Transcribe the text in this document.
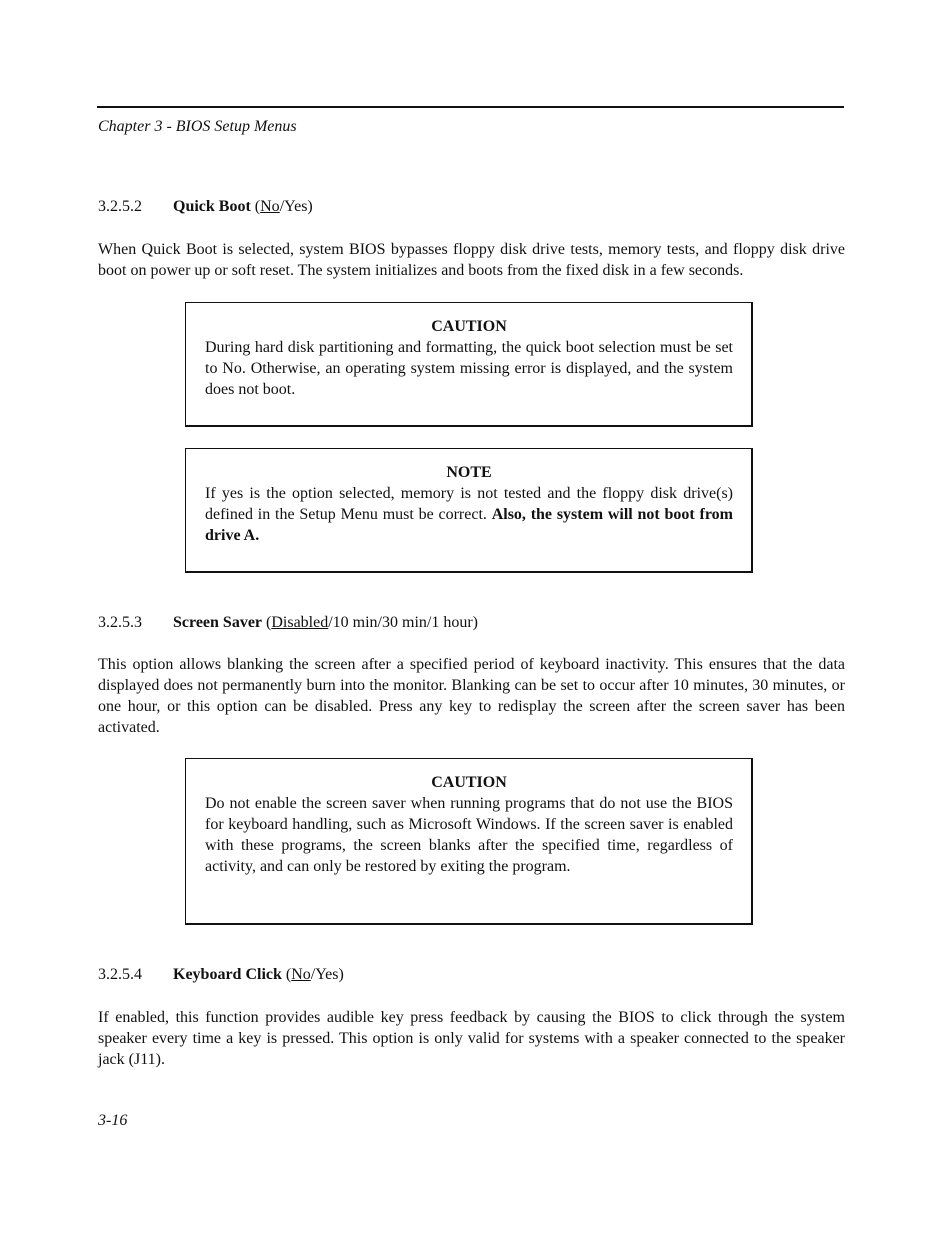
Chapter 3 - BIOS Setup Menus
3.2.5.2 Quick Boot (No/Yes)
When Quick Boot is selected, system BIOS bypasses floppy disk drive tests, memory tests, and floppy disk drive boot on power up or soft reset. The system initializes and boots from the fixed disk in a few seconds.
CAUTION
During hard disk partitioning and formatting, the quick boot selection must be set to No. Otherwise, an operating system missing error is displayed, and the system does not boot.
NOTE
If yes is the option selected, memory is not tested and the floppy disk drive(s) defined in the Setup Menu must be correct. Also, the system will not boot from drive A.
3.2.5.3 Screen Saver (Disabled/10 min/30 min/1 hour)
This option allows blanking the screen after a specified period of keyboard inactivity. This ensures that the data displayed does not permanently burn into the monitor. Blanking can be set to occur after 10 minutes, 30 minutes, or one hour, or this option can be disabled. Press any key to redisplay the screen after the screen saver has been activated.
CAUTION
Do not enable the screen saver when running programs that do not use the BIOS for keyboard handling, such as Microsoft Windows. If the screen saver is enabled with these programs, the screen blanks after the specified time, regardless of activity, and can only be restored by exiting the program.
3.2.5.4 Keyboard Click (No/Yes)
If enabled, this function provides audible key press feedback by causing the BIOS to click through the system speaker every time a key is pressed. This option is only valid for systems with a speaker connected to the speaker jack (J11).
3-16
